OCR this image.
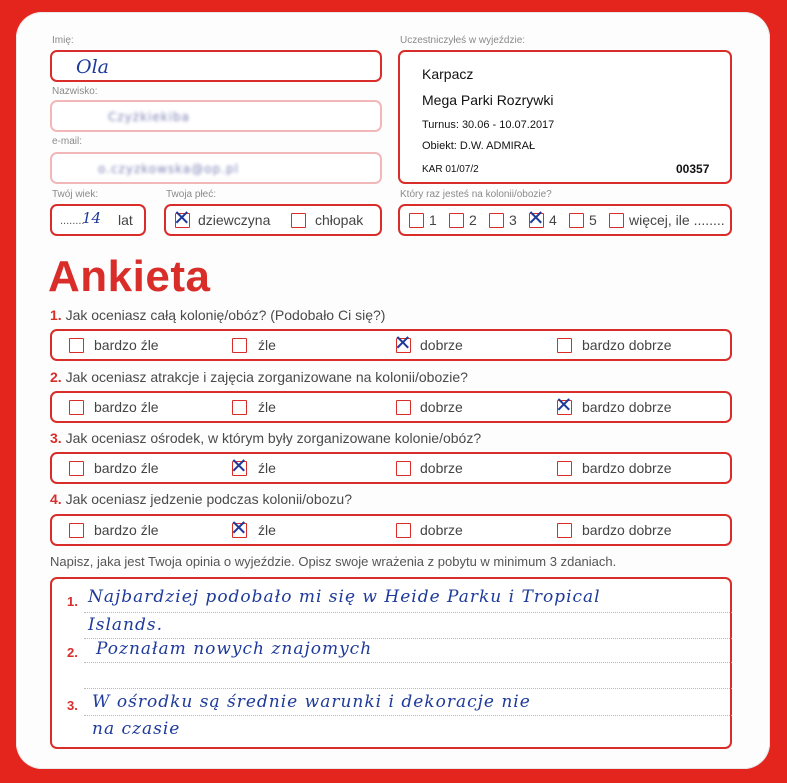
Imię:
Ola
Nazwisko:
Czyżkiekiba
e-mail:
o.czyzkowska@op.pl
Twój wiek:
........
14 lat
Twoja płeć:
✕ dziewczyna	chłopak
Uczestniczyłeś w wyjeździe:
Karpacz
Mega Parki Rozrywki
Turnus: 30.06 - 10.07.2017
Obiekt: D.W. ADMIRAŁ
KAR 01/07/2	00357
Który raz jesteś na kolonii/obozie?
1 2 3 ✕ 4 5 więcej, ile ........
Ankieta
1. Jak oceniasz całą kolonię/obóz? (Podobało Ci się?)
bardzo źle	źle	✕ dobrze	bardzo dobrze
2. Jak oceniasz atrakcje i zajęcia zorganizowane na kolonii/obozie?
bardzo źle	źle	dobrze	✕ bardzo dobrze
3. Jak oceniasz ośrodek, w którym były zorganizowane kolonie/obóz?
bardzo źle	✕ źle	dobrze	bardzo dobrze
4. Jak oceniasz jedzenie podczas kolonii/obozu?
bardzo źle	✕ źle	dobrze	bardzo dobrze
Napisz, jaka jest Twoja opinia o wyjeździe. Opisz swoje wrażenia z pobytu w minimum 3 zdaniach.
1. Najbardziej podobało mi się w Heide Parku i Tropical
Islands.
2. Poznałam nowych znajomych
3. W ośrodku są średnie warunki i dekoracje nie
na czasie
